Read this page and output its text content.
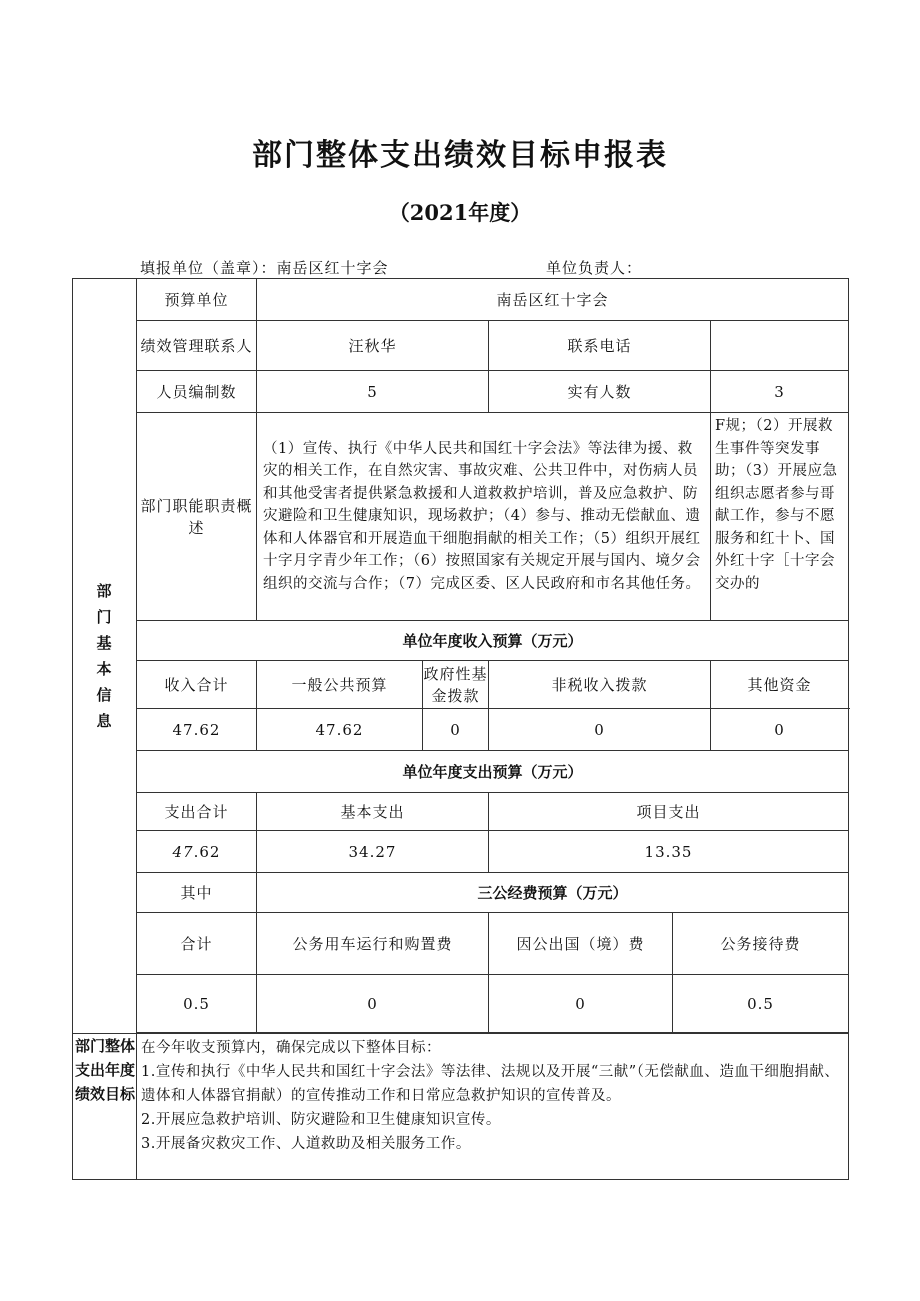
部门整体支出绩效目标申报表
（2021年度）
填报单位（盖章）：南岳区红十字会	单位负责人：
部门基本信息	预算单位	南岳区红十字会				
	绩效管理联系人	汪秋华		联系电话		
	人员编制数	5		实有人数		3
	部门职能职责概述	（1）宣传、执行《中华人民共和国红十字会法》等法律为援、救灾的相关工作，在自然灾害、事故灾难、公共卫件中，对伤病人员和其他受害者提供紧急救援和人道救救护培训，普及应急救护、防灾避险和卫生健康知识，现场救护；（4）参与、推动无偿献血、遗体和人体器官和开展造血干细胞捐献的相关工作；（5）组织开展红十字月字青少年工作；（6）按照国家有关规定开展与国内、境夕会组织的交流与合作；（7）完成区委、区人民政府和市名其他任务。				F规；（2）开展救生事件等突发事助；（3）开展应急组织志愿者参与哥献工作，参与不愿服务和红十卜、国外红十字［十字会交办的
	单位年度收入预算（万元）					
	收入合计	一般公共预算	政府性基金拨款	非税收入拨款		其他资金
	47.62	47.62	0	0		0
	单位年度支出预算（万元）					
	支出合计	基本支出		项目支出		
	47.62	34.27		13.35		
	其中	三公经费预算（万元）				
	合计	公务用车运行和购置费		因公出国（境）费	公务接待费	
	0.5	0		0	0.5	

部门整体支出年度绩效目标	在今年收支预算内，确保完成以下整体目标：
1.宣传和执行《中华人民共和国红十字会法》等法律、法规以及开展“三献”（无偿献血、造血干细胞捐献、遗体和人体器官捐献）的宣传推动工作和日常应急救护知识的宣传普及。
2.开展应急救护培训、防灾避险和卫生健康知识宣传。
3.开展备灾救灾工作、人道救助及相关服务工作。					
